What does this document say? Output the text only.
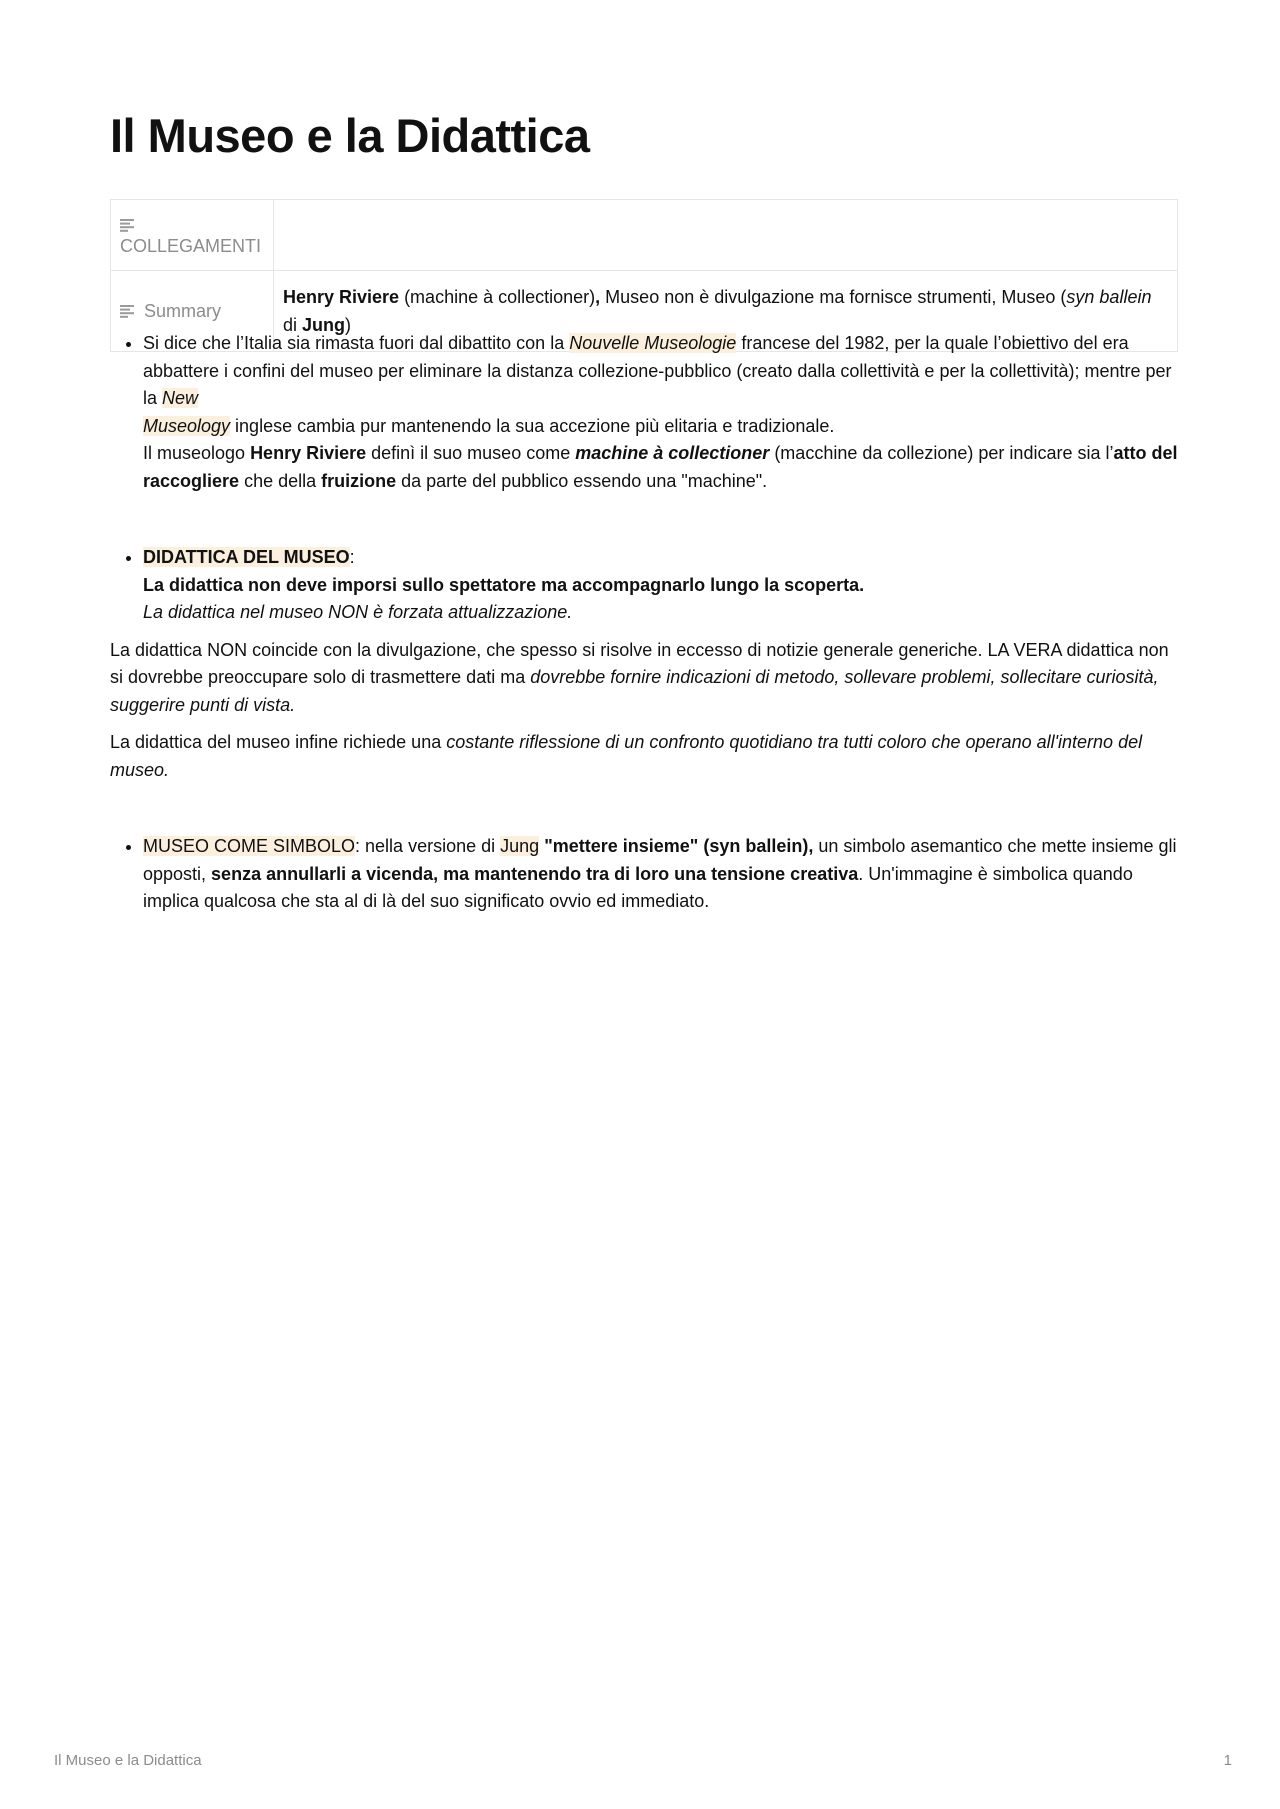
Il Museo e la Didattica
COLLEGAMENTI	

Summary	Henry Riviere (machine à collectioner), Museo non è divulgazione ma fornisce strumenti, Museo (syn ballein di Jung)
• Si dice che l’Italia sia rimasta fuori dal dibattito con la Nouvelle Museologie francese del 1982, per la quale l’obiettivo del era abbattere i confini del museo per eliminare la distanza collezione-pubblico (creato dalla collettività e per la collettività); mentre per la New
Museology inglese cambia pur mantenendo la sua accezione più elitaria e tradizionale.
Il museologo Henry Riviere definì il suo museo come machine à collectioner (macchine da collezione) per indicare sia l’atto del raccogliere che della fruizione da parte del pubblico essendo una "machine".
• DIDATTICA DEL MUSEO:
La didattica non deve imporsi sullo spettatore ma accompagnarlo lungo la scoperta.
La didattica nel museo NON è forzata attualizzazione.

La didattica NON coincide con la divulgazione, che spesso si risolve in eccesso di notizie generale generiche. LA VERA didattica non si dovrebbe preoccupare solo di trasmettere dati ma dovrebbe fornire indicazioni di metodo, sollevare problemi, sollecitare curiosità, suggerire punti di vista.

La didattica del museo infine richiede una costante riflessione di un confronto quotidiano tra tutti coloro che operano all'interno del museo.

• MUSEO COME SIMBOLO: nella versione di Jung "mettere insieme" (syn ballein), un simbolo asemantico che mette insieme gli opposti, senza annullarli a vicenda, ma mantenendo tra di loro una tensione creativa. Un'immagine è simbolica quando implica qualcosa che sta al di là del suo significato ovvio ed immediato.
Il Museo e la Didattica	1
